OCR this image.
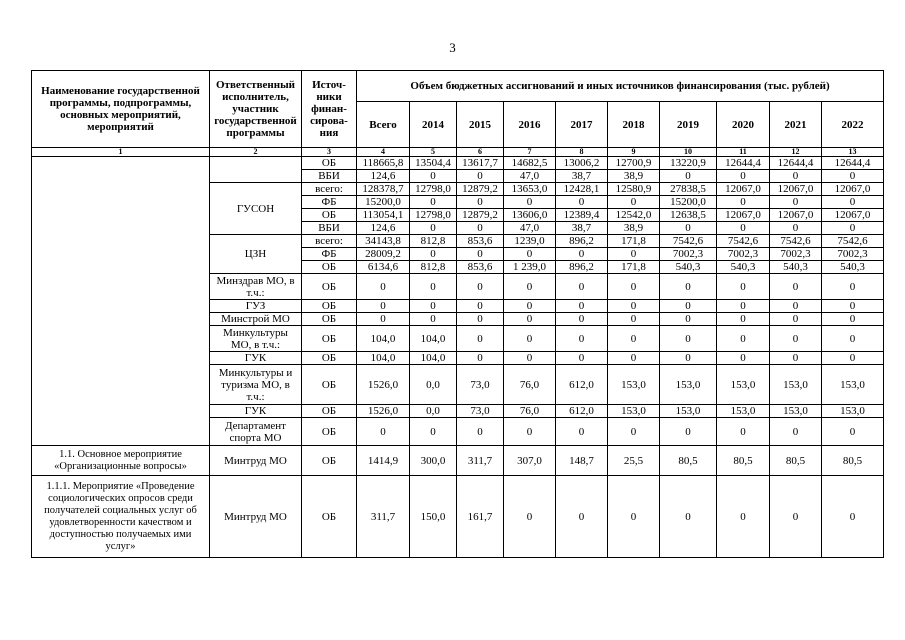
3
Наименование государственной программы, подпрограммы, основных мероприятий, мероприятий	Ответственный исполнитель, участник государственной программы	Источ-ники финан-сирова-ния	Объем бюджетных ассигнований и иных источников финансирования (тыс. рублей)									
			Всего	2014	2015	2016	2017	2018	2019	2020	2021	2022
1	2	3	4	5	6	7	8	9	10	11	12	13
		ОБ	118665,8	13504,4	13617,7	14682,5	13006,2	12700,9	13220,9	12644,4	12644,4	12644,4
		ВБИ	124,6	0	0	47,0	38,7	38,9	0	0	0	0
	ГУСОН	всего:	128378,7	12798,0	12879,2	13653,0	12428,1	12580,9	27838,5	12067,0	12067,0	12067,0
		ФБ	15200,0	0	0	0	0	0	15200,0	0	0	0
		ОБ	113054,1	12798,0	12879,2	13606,0	12389,4	12542,0	12638,5	12067,0	12067,0	12067,0
		ВБИ	124,6	0	0	47,0	38,7	38,9	0	0	0	0
	ЦЗН	всего:	34143,8	812,8	853,6	1239,0	896,2	171,8	7542,6	7542,6	7542,6	7542,6
		ФБ	28009,2	0	0	0	0	0	7002,3	7002,3	7002,3	7002,3
		ОБ	6134,6	812,8	853,6	1 239,0	896,2	171,8	540,3	540,3	540,3	540,3
	Минздрав МО, в т.ч.:	ОБ	0	0	0	0	0	0	0	0	0	0
	ГУЗ	ОБ	0	0	0	0	0	0	0	0	0	0
	Минстрой МО	ОБ	0	0	0	0	0	0	0	0	0	0
	Минкультуры МО, в т.ч.:	ОБ	104,0	104,0	0	0	0	0	0	0	0	0
	ГУК	ОБ	104,0	104,0	0	0	0	0	0	0	0	0
	Минкультуры и туризма МО, в т.ч.:	ОБ	1526,0	0,0	73,0	76,0	612,0	153,0	153,0	153,0	153,0	153,0
	ГУК	ОБ	1526,0	0,0	73,0	76,0	612,0	153,0	153,0	153,0	153,0	153,0
	Департамент спорта МО	ОБ	0	0	0	0	0	0	0	0	0	0
1.1. Основное мероприятие «Организационные вопросы»	Минтруд МО	ОБ	1414,9	300,0	311,7	307,0	148,7	25,5	80,5	80,5	80,5	80,5
1.1.1. Мероприятие «Проведение социологических опросов среди получателей социальных услуг об удовлетворенности качеством и доступностью получаемых ими услуг»	Минтруд МО	ОБ	311,7	150,0	161,7	0	0	0	0	0	0	0
